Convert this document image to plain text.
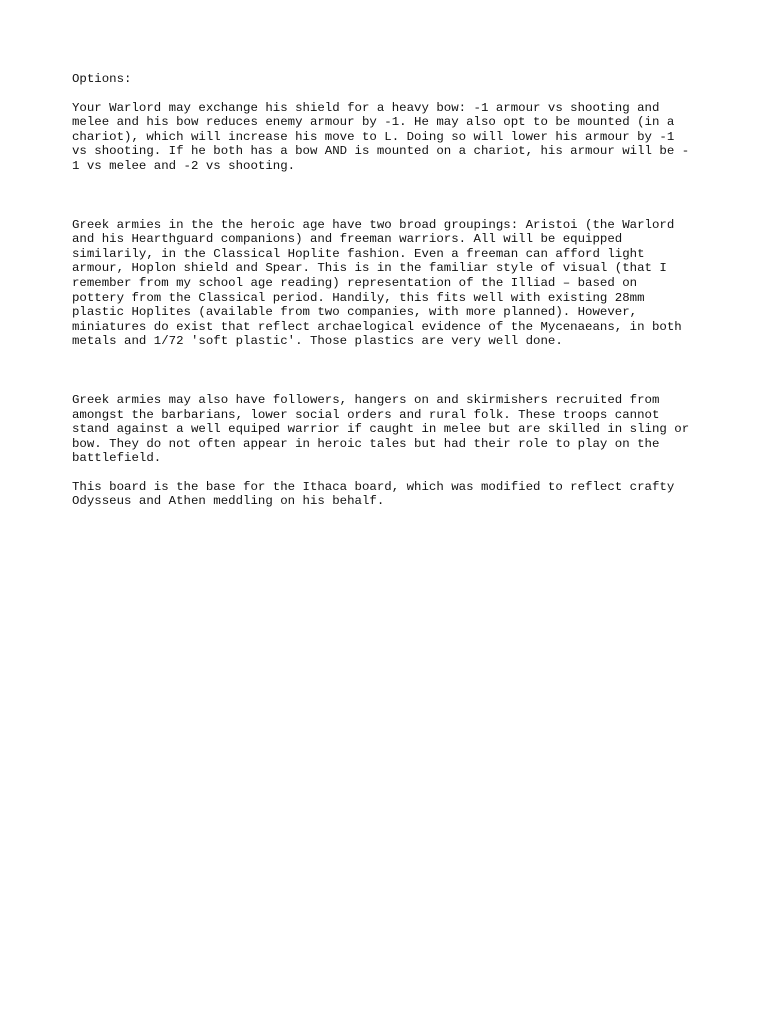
Options:

Your Warlord may exchange his shield for a heavy bow: -1 armour vs shooting and
melee and his bow reduces enemy armour by -1. He may also opt to be mounted (in a
chariot), which will increase his move to L. Doing so will lower his armour by -1
vs shooting. If he both has a bow AND is mounted on a chariot, his armour will be -
1 vs melee and -2 vs shooting.

Greek armies in the the heroic age have two broad groupings: Aristoi (the Warlord
and his Hearthguard companions) and freeman warriors. All will be equipped
similarily, in the Classical Hoplite fashion. Even a freeman can afford light
armour, Hoplon shield and Spear. This is in the familiar style of visual (that I
remember from my school age reading) representation of the Illiad – based on
pottery from the Classical period. Handily, this fits well with existing 28mm
plastic Hoplites (available from two companies, with more planned). However,
miniatures do exist that reflect archaelogical evidence of the Mycenaeans, in both
metals and 1/72 'soft plastic'. Those plastics are very well done.

Greek armies may also have followers, hangers on and skirmishers recruited from
amongst the barbarians, lower social orders and rural folk. These troops cannot
stand against a well equiped warrior if caught in melee but are skilled in sling or
bow. They do not often appear in heroic tales but had their role to play on the
battlefield.

This board is the base for the Ithaca board, which was modified to reflect crafty
Odysseus and Athen meddling on his behalf.
